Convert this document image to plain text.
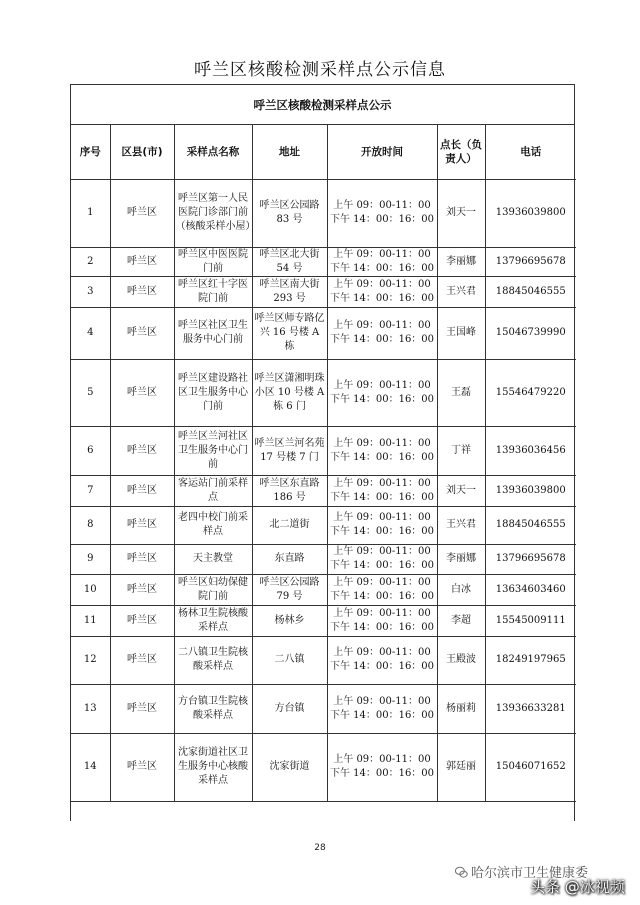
呼兰区核酸检测采样点公示信息
呼兰区核酸检测采样点公示
序号	区县(市)	采样点名称	地址	开放时间	点长（负责人）	电话
1	呼兰区	呼兰区第一人民医院门诊部门前（核酸采样小屋）	呼兰区公园路 83 号	上午 09：00-11：00
下午 14：00：16：00	刘天一	13936039800
2	呼兰区	呼兰区中医医院门前	呼兰区北大街 54 号	上午 09：00-11：00
下午 14：00：16：00	李丽娜	13796695678
3	呼兰区	呼兰区红十字医院门前	呼兰区南大街 293 号	上午 09：00-11：00
下午 14：00：16：00	王兴君	18845046555
4	呼兰区	呼兰区社区卫生服务中心门前	呼兰区师专路亿兴 16 号楼 A 栋	上午 09：00-11：00
下午 14：00：16：00	王国峰	15046739990
5	呼兰区	呼兰区建设路社区卫生服务中心门前	呼兰区潇湘明珠小区 10 号楼 A 栋 6 门	上午 09：00-11：00
下午 14：00：16：00	王磊	15546479220
6	呼兰区	呼兰区兰河社区卫生服务中心门前	呼兰区兰河名苑 17 号楼 7 门	上午 09：00-11：00
下午 14：00：16：00	丁祥	13936036456
7	呼兰区	客运站门前采样点	呼兰区东直路 186 号	上午 09：00-11：00
下午 14：00：16：00	刘天一	13936039800
8	呼兰区	老四中校门前采样点	北二道街	上午 09：00-11：00
下午 14：00：16：00	王兴君	18845046555
9	呼兰区	天主教堂	东直路	上午 09：00-11：00
下午 14：00：16：00	李丽娜	13796695678
10	呼兰区	呼兰区妇幼保健院门前	呼兰区公园路 79 号	上午 09：00-11：00
下午 14：00：16：00	白冰	13634603460
11	呼兰区	杨林卫生院核酸采样点	杨林乡	上午 09：00-11：00
下午 14：00：16：00	李超	15545009111
12	呼兰区	二八镇卫生院核酸采样点	二八镇	上午 09：00-11：00
下午 14：00：16：00	王殿波	18249197965
13	呼兰区	方台镇卫生院核酸采样点	方台镇	上午 09：00-11：00
下午 14：00：16：00	杨丽莉	13936633281
14	呼兰区	沈家街道社区卫生服务中心核酸采样点	沈家街道	上午 09：00-11：00
下午 14：00：16：00	郭廷丽	15046071652
28
哈尔滨市卫生健康委
头条 @冰视频
